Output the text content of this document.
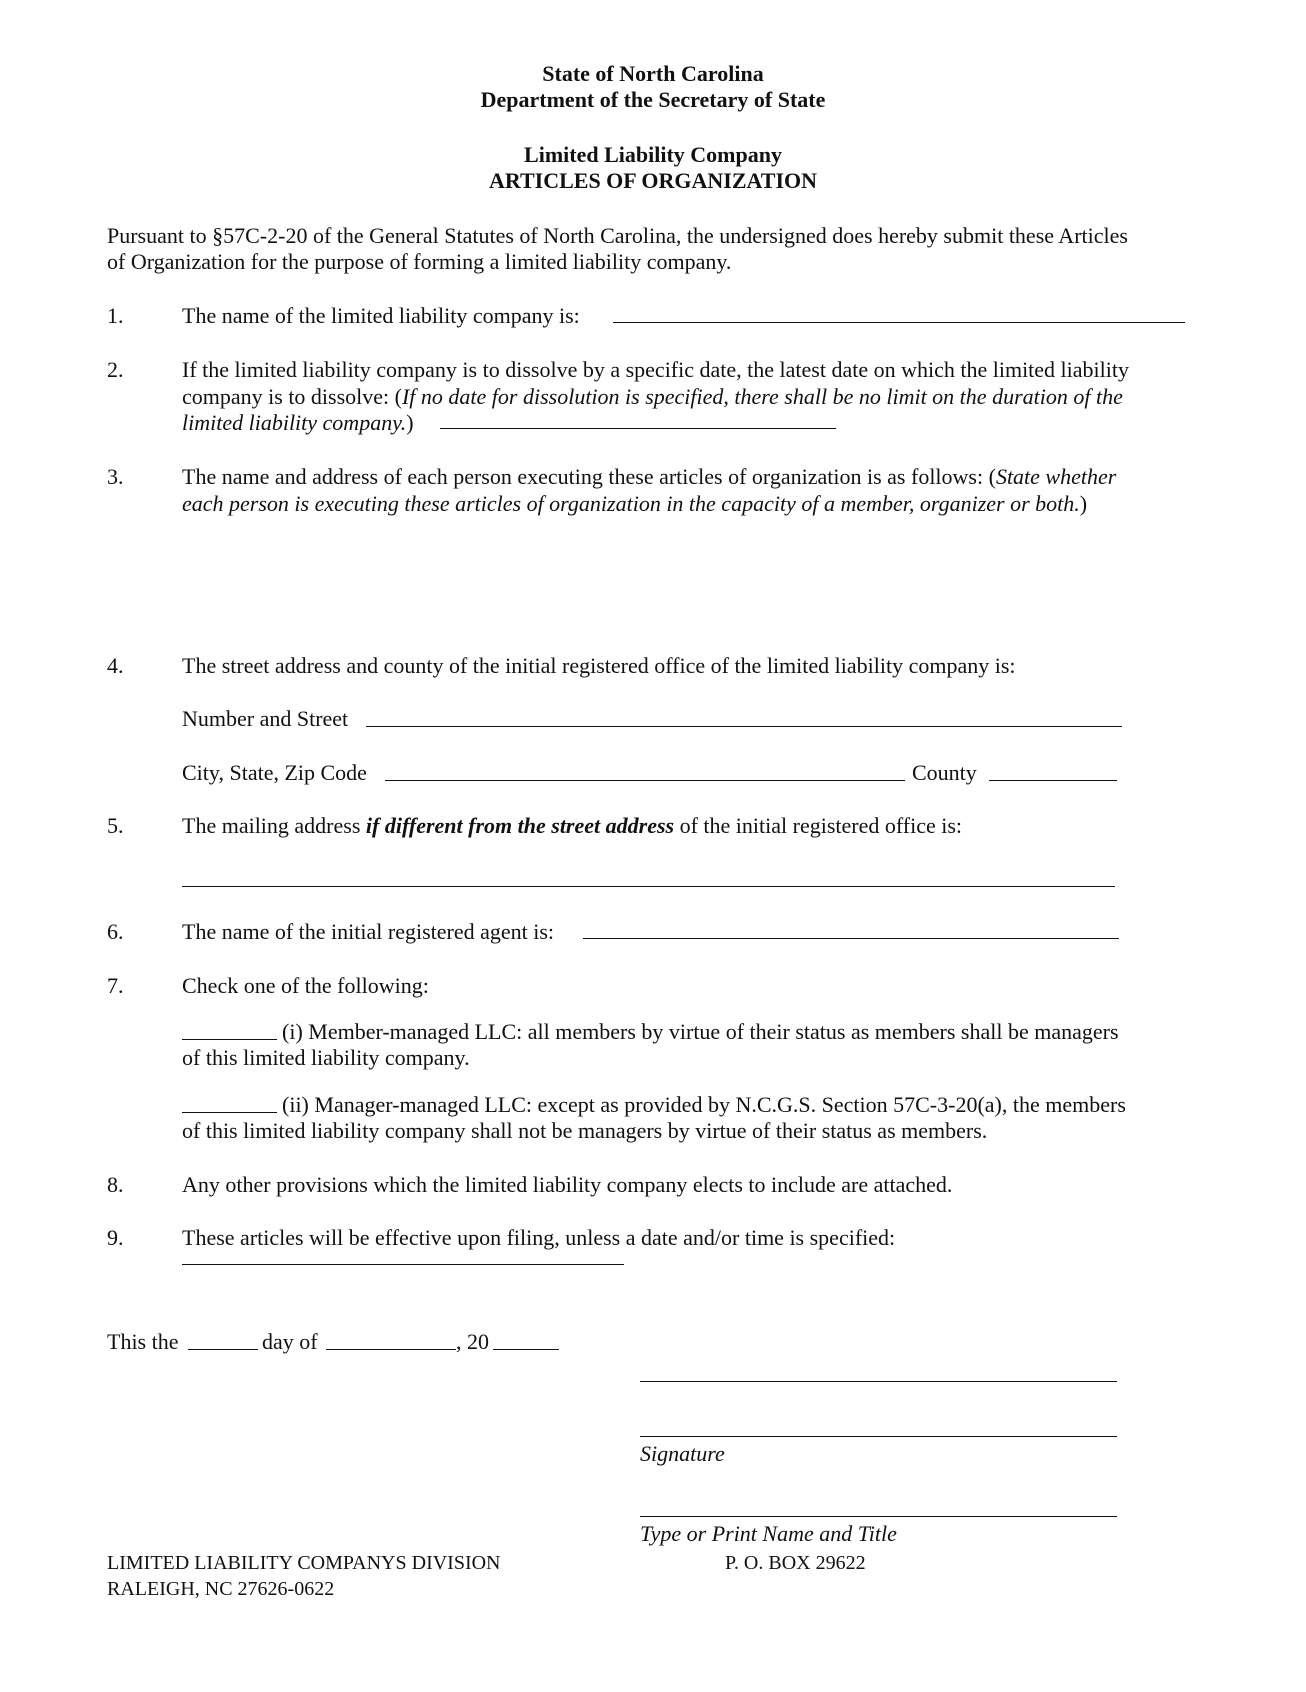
State of North Carolina
Department of the Secretary of State
Limited Liability Company
ARTICLES OF ORGANIZATION
Pursuant to §57C-2-20 of the General Statutes of North Carolina, the undersigned does hereby submit these Articles
of Organization for the purpose of forming a limited liability company.
1.	The name of the limited liability company is:
2.	If the limited liability company is to dissolve by a specific date, the latest date on which the limited liability
company is to dissolve: (If no date for dissolution is specified, there shall be no limit on the duration of the
limited liability company.)
3.	The name and address of each person executing these articles of organization is as follows: (State whether
each person is executing these articles of organization in the capacity of a member, organizer or both.)
4.	The street address and county of the initial registered office of the limited liability company is:
Number and Street
City, State, Zip Code	County
5.	The mailing address if different from the street address of the initial registered office is:
6.	The name of the initial registered agent is:
7.	Check one of the following:
(i) Member-managed LLC: all members by virtue of their status as members shall be managers
of this limited liability company.
(ii) Manager-managed LLC: except as provided by N.C.G.S. Section 57C-3-20(a), the members
of this limited liability company shall not be managers by virtue of their status as members.
8.	Any other provisions which the limited liability company elects to include are attached.
9.	These articles will be effective upon filing, unless a date and/or time is specified:
This the	day of	, 20
Signature
Type or Print Name and Title
LIMITED LIABILITY COMPANYS DIVISION	P. O. BOX 29622
RALEIGH, NC 27626-0622
